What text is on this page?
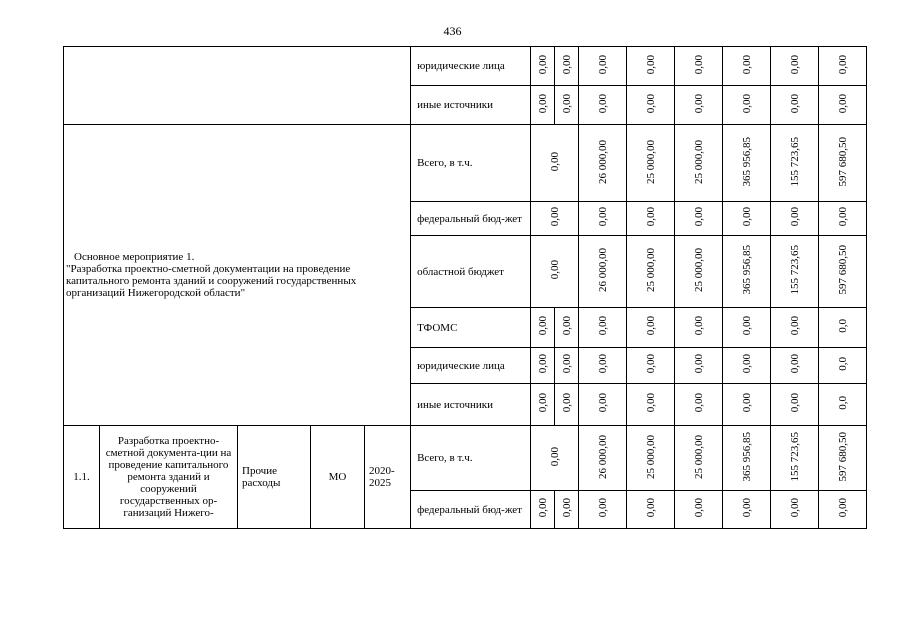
436
					юридические лица	0,00	0,00	0,00	0,00	0,00	0,00	0,00	0,00
					иные источники	0,00	0,00	0,00	0,00	0,00	0,00	0,00	0,00

Основное мероприятие 1.
"Разработка проектно-сметной документации на проведение капитального ремонта зданий и сооружений государственных организаций Нижегородской области"					Всего, в т.ч.	0,00		26 000,00	25 000,00	25 000,00	365 956,85	155 723,65	597 680,50
					федеральный бюд-жет	0,00		0,00	0,00	0,00	0,00	0,00	0,00
					областной бюджет	0,00		26 000,00	25 000,00	25 000,00	365 956,85	155 723,65	597 680,50
					ТФОМС	0,00	0,00	0,00	0,00	0,00	0,00	0,00	0,0
					юридические лица	0,00	0,00	0,00	0,00	0,00	0,00	0,00	0,0
					иные источники	0,00	0,00	0,00	0,00	0,00	0,00	0,00	0,0
1.1.	Разработка проектно-сметной документа-ции на проведение капитального ремонта зданий и сооружений государственных ор-ганизаций Нижего-	Прочие расходы	МО	2020-2025	Всего, в т.ч.	0,00		26 000,00	25 000,00	25 000,00	365 956,85	155 723,65	597 680,50
					федеральный бюд-жет	0,00	0,00	0,00	0,00	0,00	0,00	0,00	0,00
